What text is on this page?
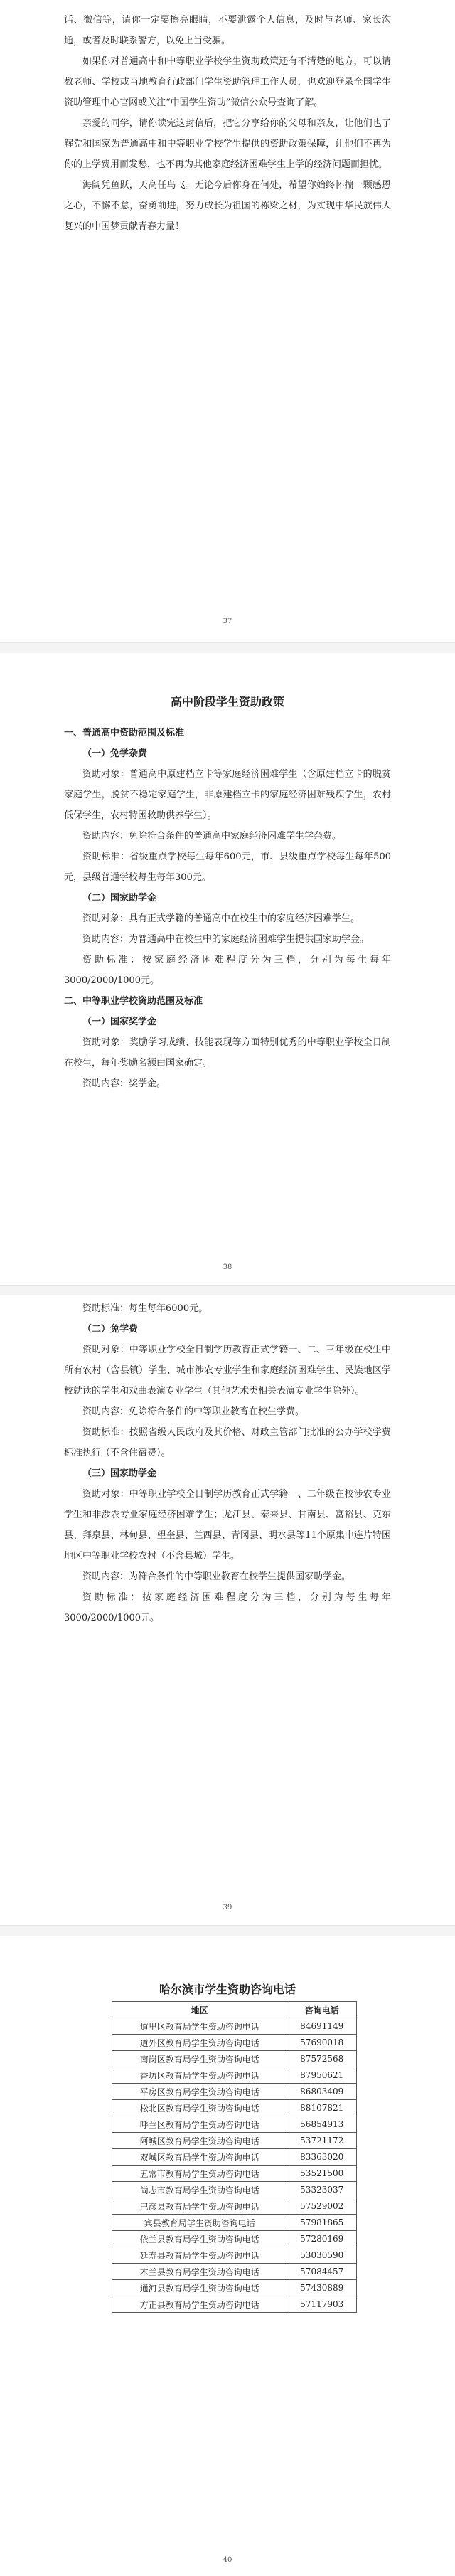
话、微信等，请你一定要擦亮眼睛，不要泄露个人信息，及时与老师、家长沟通，或者及时联系警方，以免上当受骗。

如果你对普通高中和中等职业学校学生资助政策还有不清楚的地方，可以请教老师、学校或当地教育行政部门学生资助管理工作人员，也欢迎登录全国学生资助管理中心官网或关注“中国学生资助”微信公众号查询了解。

亲爱的同学，请你读完这封信后，把它分享给你的父母和亲友，让他们也了解党和国家为普通高中和中等职业学校学生提供的资助政策保障，让他们不再为你的上学费用而发愁，也不再为其他家庭经济困难学生上学的经济问题而担忧。

海阔凭鱼跃，天高任鸟飞。无论今后你身在何处，希望你始终怀揣一颗感恩之心，不懈不怠，奋勇前进，努力成长为祖国的栋梁之材，为实现中华民族伟大复兴的中国梦贡献青春力量！

37
高中阶段学生资助政策

一、普通高中资助范围及标准

（一）免学杂费

资助对象：普通高中原建档立卡等家庭经济困难学生（含原建档立卡的脱贫家庭学生，脱贫不稳定家庭学生，非原建档立卡的家庭经济困难残疾学生，农村低保学生，农村特困救助供养学生）。

资助内容：免除符合条件的普通高中家庭经济困难学生学杂费。

资助标准：省级重点学校每生每年600元，市、县级重点学校每生每年500元，县级普通学校每生每年300元。

（二）国家助学金

资助对象：具有正式学籍的普通高中在校生中的家庭经济困难学生。

资助内容：为普通高中在校生中的家庭经济困难学生提供国家助学金。

资助标准：按家庭经济困难程度分为三档，分别为每生每年3000/2000/1000元。

二、中等职业学校资助范围及标准

（一）国家奖学金

资助对象：奖励学习成绩、技能表现等方面特别优秀的中等职业学校全日制在校生，每年奖励名额由国家确定。

资助内容：奖学金。

38

资助标准：每生每年6000元。

（二）免学费

资助对象：中等职业学校全日制学历教育正式学籍一、二、三年级在校生中所有农村（含县镇）学生、城市涉农专业学生和家庭经济困难学生、民族地区学校就读的学生和戏曲表演专业学生（其他艺术类相关表演专业学生除外）。

资助内容：免除符合条件的中等职业教育在校生学费。

资助标准：按照省级人民政府及其价格、财政主管部门批准的公办学校学费标准执行（不含住宿费）。

（三）国家助学金

资助对象：中等职业学校全日制学历教育正式学籍一、二年级在校涉农专业学生和非涉农专业家庭经济困难学生；龙江县、泰来县、甘南县、富裕县、克东县、拜泉县、林甸县、望奎县、兰西县、青冈县、明水县等11个原集中连片特困地区中等职业学校农村（不含县城）学生。

资助内容：为符合条件的中等职业教育在校学生提供国家助学金。

资助标准：按家庭经济困难程度分为三档，分别为每生每年3000/2000/1000元。

39
哈尔滨市学生资助咨询电话
地区	咨询电话
道里区教育局学生资助咨询电话	84691149
道外区教育局学生资助咨询电话	57690018
南岗区教育局学生资助咨询电话	87572568
香坊区教育局学生资助咨询电话	87950621
平房区教育局学生资助咨询电话	86803409
松北区教育局学生资助咨询电话	88107821
呼兰区教育局学生资助咨询电话	56854913
阿城区教育局学生资助咨询电话	53721172
双城区教育局学生资助咨询电话	83363020
五常市教育局学生资助咨询电话	53521500
尚志市教育局学生资助咨询电话	53323037
巴彦县教育局学生资助咨询电话	57529002
宾县教育局学生资助咨询电话	57981865
依兰县教育局学生资助咨询电话	57280169
延寿县教育局学生资助咨询电话	53030590
木兰县教育局学生资助咨询电话	57084457
通河县教育局学生资助咨询电话	57430889
方正县教育局学生资助咨询电话	57117903
40
